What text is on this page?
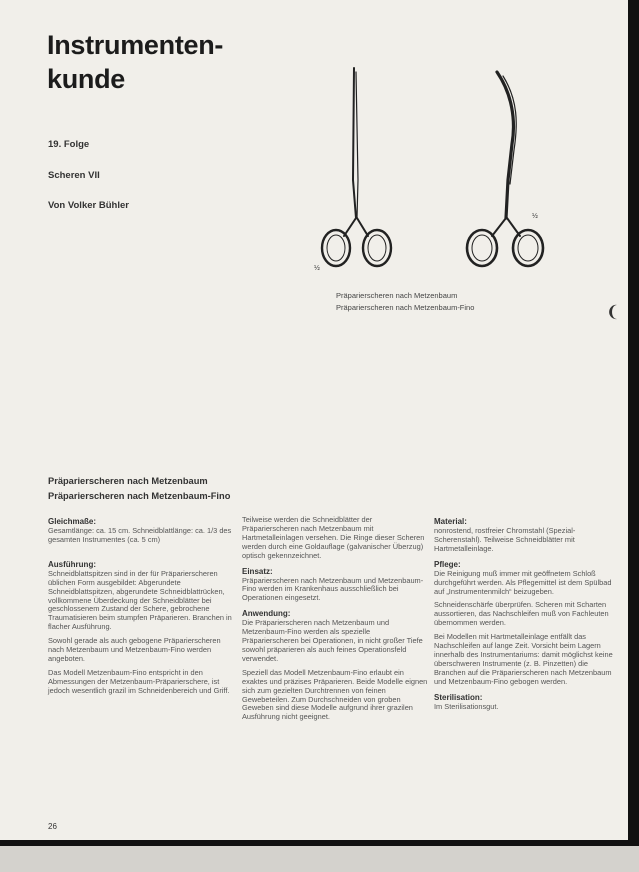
Instrumenten-
kunde
19. Folge
Scheren VII
Von Volker Bühler
½
½
Präparierscheren nach Metzenbaum
Präparierscheren nach Metzenbaum-Fino	❨
Präparierscheren nach Metzenbaum
Präparierscheren nach Metzenbaum-Fino
Gleichmaße:

Gesamtlänge: ca. 15 cm. Schneidblattlänge: ca. 1/3 des gesamten Instrumentes (ca. 5 cm)

Ausführung:

Schneidblattspitzen sind in der für Präparierscheren üblichen Form ausgebildet: Abgerundete Schneidblattspitzen, abgerundete Schneidblattrücken, vollkommene Überdeckung der Schneidblätter bei geschlossenem Zustand der Schere, gebrochene Traumatisieren beim stumpfen Präparieren. Branchen in flacher Ausführung.

Sowohl gerade als auch gebogene Präparierscheren nach Metzenbaum und Metzenbaum-Fino werden angeboten.

Das Modell Metzenbaum-Fino entspricht in den Abmessungen der Metzenbaum-Präparierschere, ist jedoch wesentlich grazil im Schneidenbereich und Griff.

Teilweise werden die Schneidblätter der Präparierscheren nach Metzenbaum mit Hartmetalleinlagen versehen. Die Ringe dieser Scheren werden durch eine Goldauflage (galvanischer Überzug) optisch gekennzeichnet.

Einsatz:

Präparierscheren nach Metzenbaum und Metzenbaum-Fino werden im Krankenhaus ausschließlich bei Operationen eingesetzt.

Anwendung:

Die Präparierscheren nach Metzenbaum und Metzenbaum-Fino werden als spezielle Präparierscheren bei Operationen, in nicht großer Tiefe sowohl präparieren als auch feines Operationsfeld verwendet.

Speziell das Modell Metzenbaum-Fino erlaubt ein exaktes und präzises Präparieren. Beide Modelle eignen sich zum gezielten Durchtrennen von feinen Gewebeteilen. Zum Durchschneiden von groben Geweben sind diese Modelle aufgrund ihrer grazilen Ausführung nicht geeignet.

Material:

nonrostend, rostfreier Chromstahl (Spezial-Scherenstahl). Teilweise Schneidblätter mit Hartmetalleinlage.

Pflege:

Die Reinigung muß immer mit geöffnetem Schloß durchgeführt werden. Als Pflegemittel ist dem Spülbad auf „Instrumentenmilch“ beizugeben.

Schneidenschärfe überprüfen. Scheren mit Scharten aussortieren, das Nachschleifen muß von Fachleuten übernommen werden.

Bei Modellen mit Hartmetalleinlage entfällt das Nachschleifen auf lange Zeit. Vorsicht beim Lagern innerhalb des Instrumentariums: damit möglichst keine überschweren Instrumente (z. B. Pinzetten) die Branchen auf die Präparierscheren nach Metzenbaum und Metzenbaum-Fino gebogen werden.

Sterilisation:

Im Sterilisationsgut.

26
